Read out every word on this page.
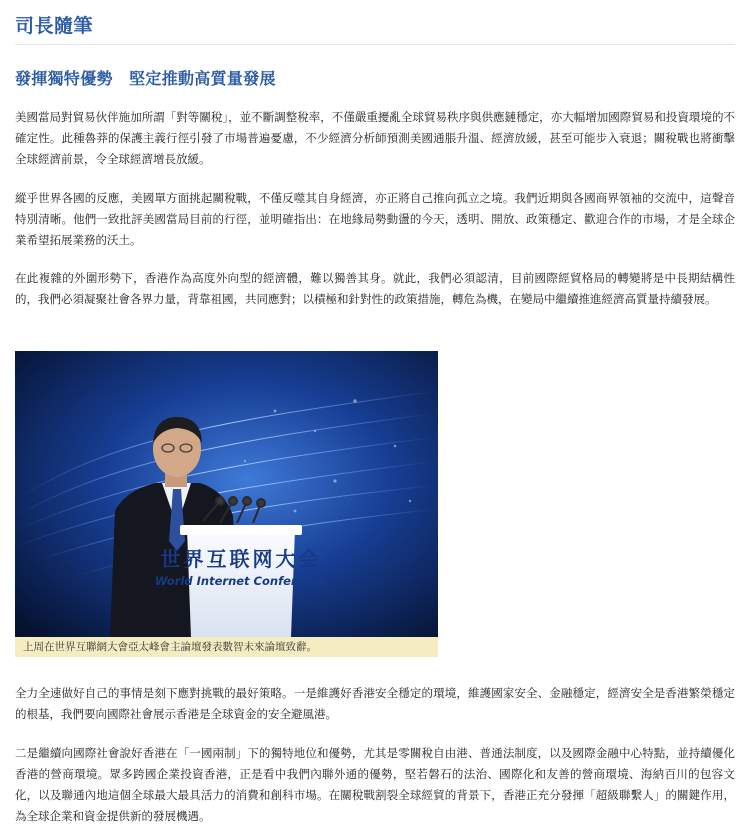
司長隨筆
發揮獨特優勢　堅定推動高質量發展

美國當局對貿易伙伴施加所謂「對等關稅」，並不斷調整稅率，不僅嚴重擾亂全球貿易秩序與供應鏈穩定，亦大幅增加國際貿易和投資環境的不確定性。此種魯莽的保護主義行徑引發了市場普遍憂慮，不少經濟分析師預測美國通脹升溫、經濟放緩，甚至可能步入衰退；關稅戰也將衝擊全球經濟前景，令全球經濟增長放緩。

縱乎世界各國的反應，美國單方面挑起關稅戰，不僅反噬其自身經濟，亦正將自己推向孤立之境。我們近期與各國商界領袖的交流中，這聲音特別清晰。他們一致批評美國當局目前的行徑，並明確指出：在地緣局勢動盪的今天，透明、開放、政策穩定、歡迎合作的市場，才是全球企業希望拓展業務的沃土。

在此複雜的外圍形勢下，香港作為高度外向型的經濟體，難以獨善其身。就此，我們必須認清，目前國際經貿格局的轉變將是中長期結構性的，我們必須凝聚社會各界力量，背靠祖國，共同應對；以積極和針對性的政策措施，轉危為機，在變局中繼續推進經濟高質量持續發展。

世界互联网大会
World Internet Conference
上周在世界互聯網大會亞太峰會主論壇發表數智未來論壇致辭。

全力全速做好自己的事情是刻下應對挑戰的最好策略。一是維護好香港安全穩定的環境，維護國家安全、金融穩定，經濟安全是香港繁榮穩定的根基，我們要向國際社會展示香港是全球資金的安全避風港。

二是繼續向國際社會說好香港在「一國兩制」下的獨特地位和優勢，尤其是零關稅自由港、普通法制度，以及國際金融中心特點，並持續優化香港的營商環境。眾多跨國企業投資香港，正是看中我們內聯外通的優勢，堅若磐石的法治、國際化和友善的營商環境、海納百川的包容文化，以及聯通內地這個全球最大最具活力的消費和創科市場。在關稅戰割裂全球經貿的背景下，香港正充分發揮「超級聯繫人」的關鍵作用，為全球企業和資金提供新的發展機遇。
